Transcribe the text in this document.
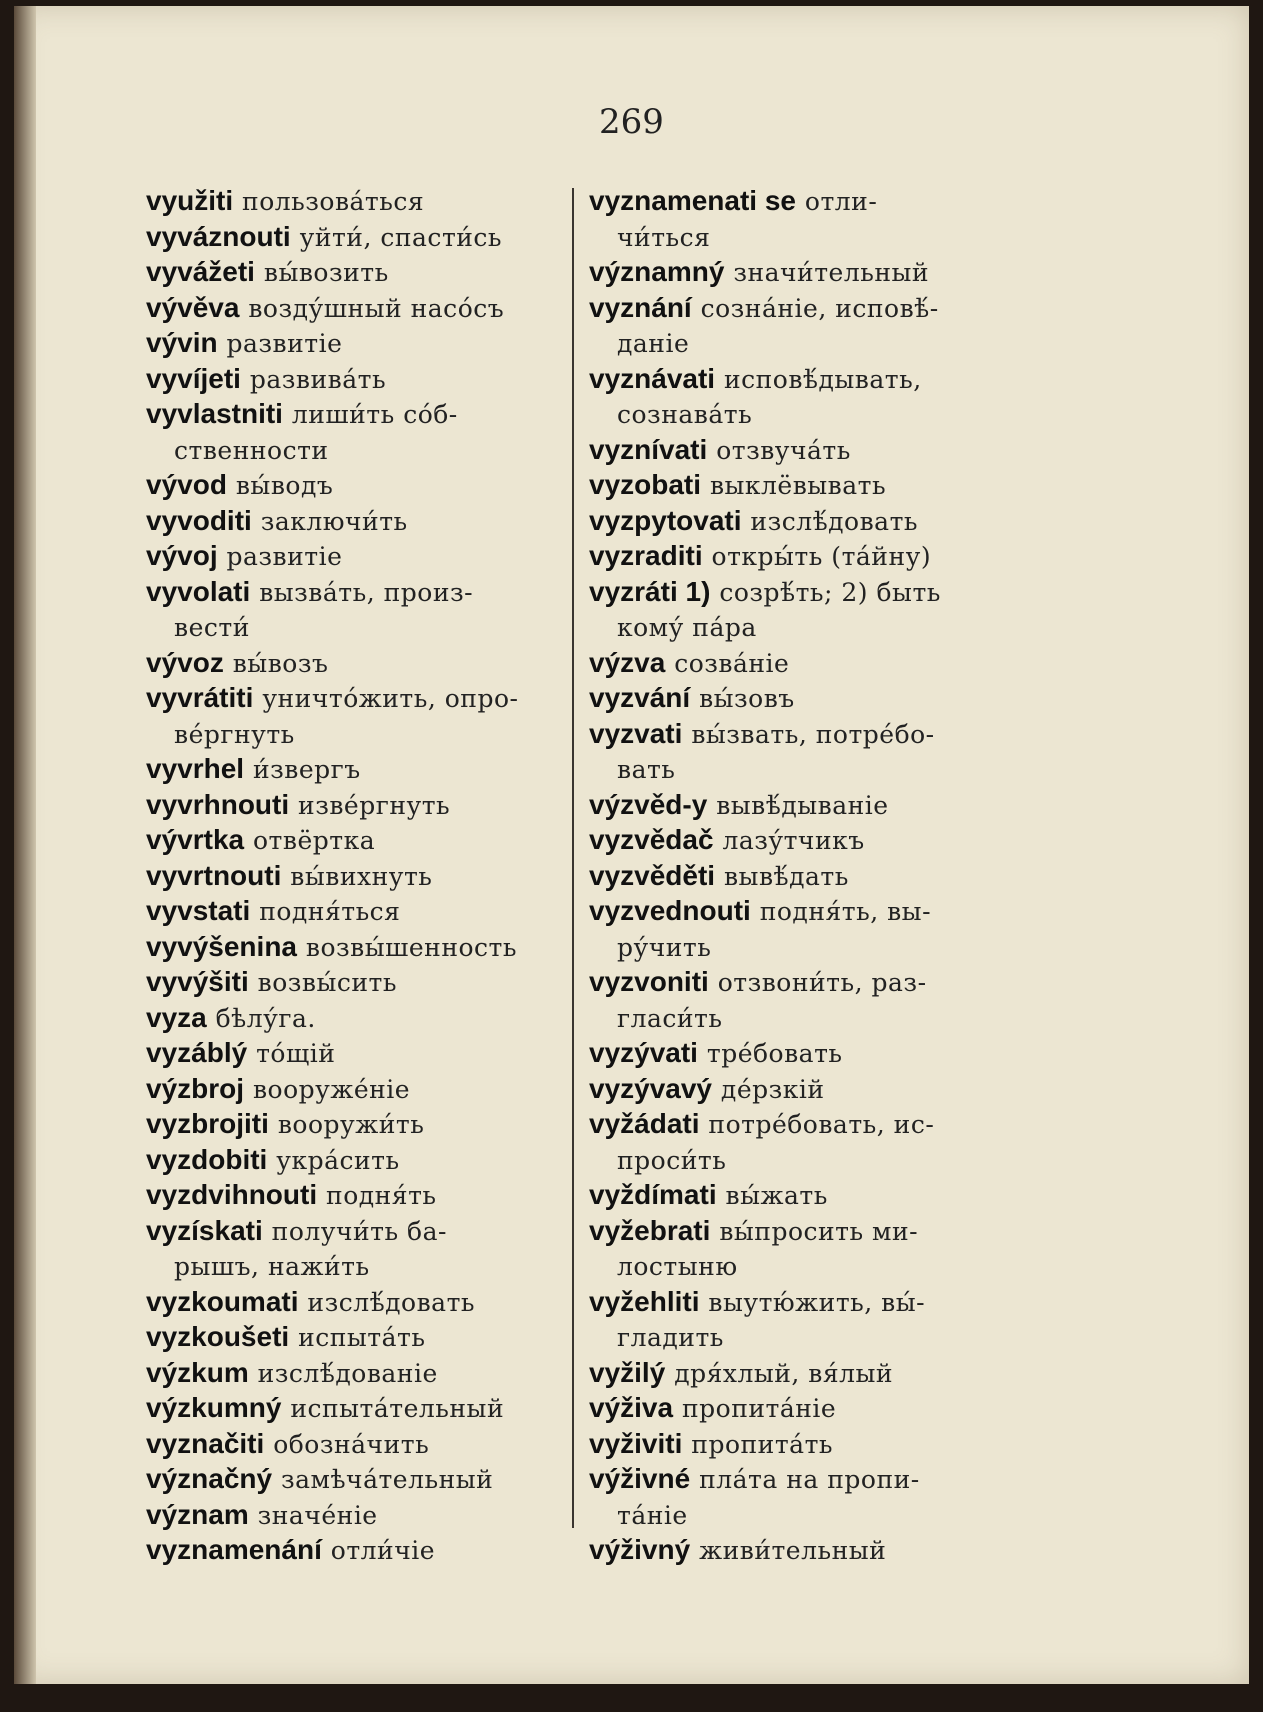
269
využiti пользова́ться
vyváznouti уйти́, спасти́сь
vyvážeti вы́возить
vývěva возду́шный насо́съ
vývin развитіе
vyvíjeti развива́ть
vyvlastniti лиши́ть со́б-
ственности
vývod вы́водъ
vyvoditi заключи́ть
vývoj развитіе
vyvolati вызва́ть, произ-
вести́
vývoz вы́возъ
vyvrátiti уничто́жить, опро-
ве́ргнуть
vyvrhel и́звергъ
vyvrhnouti изве́ргнуть
vývrtka отвёртка
vyvrtnouti вы́вихнуть
vyvstati подня́ться
vyvýšenina возвы́шенность
vyvýšiti возвы́сить
vyza бѣлу́га.
vyzáblý то́щій
výzbroj вооруже́ніе
vyzbrojiti вооружи́ть
vyzdobiti укра́сить
vyzdvihnouti подня́ть
vyzískati получи́ть ба-
рышъ, нажи́ть
vyzkoumati изслѣ́довать
vyzkoušeti испыта́ть
výzkum изслѣ́дованіе
výzkumný испыта́тельный
vyznačiti обозна́чить
význačný замѣча́тельный
význam значе́ніе
vyznamenání отли́чіе
vyznamenati se отли-
чи́ться
významný значи́тельный
vyznání созна́ніе, исповѣ́-
даніе
vyznávati исповѣ́дывать,
сознава́ть
vyznívati отзвуча́ть
vyzobati выклёвывать
vyzpytovati изслѣ́довать
vyzraditi откры́ть (та́йну)
vyzráti 1) созрѣ́ть; 2) быть
кому́ па́ра
výzva созва́ніе
vyzvání вы́зовъ
vyzvati вы́звать, потре́бо-
вать
výzvěd-y вывѣ́дываніе
vyzvědač лазу́тчикъ
vyzvěděti вывѣ́дать
vyzvednouti подня́ть, вы-
ру́чить
vyzvoniti отзвони́ть, раз-
гласи́ть
vyzývati тре́бовать
vyzývavý де́рзкій
vyžádati потре́бовать, ис-
проси́ть
vyždímati вы́жать
vyžebrati вы́просить ми-
лостыню
vyžehliti выутю́жить, вы́-
гладить
vyžilý дря́хлый, вя́лый
výživa пропита́ніе
vyživiti пропита́ть
výživné пла́та на пропи-
та́ніе
výživný живи́тельный
